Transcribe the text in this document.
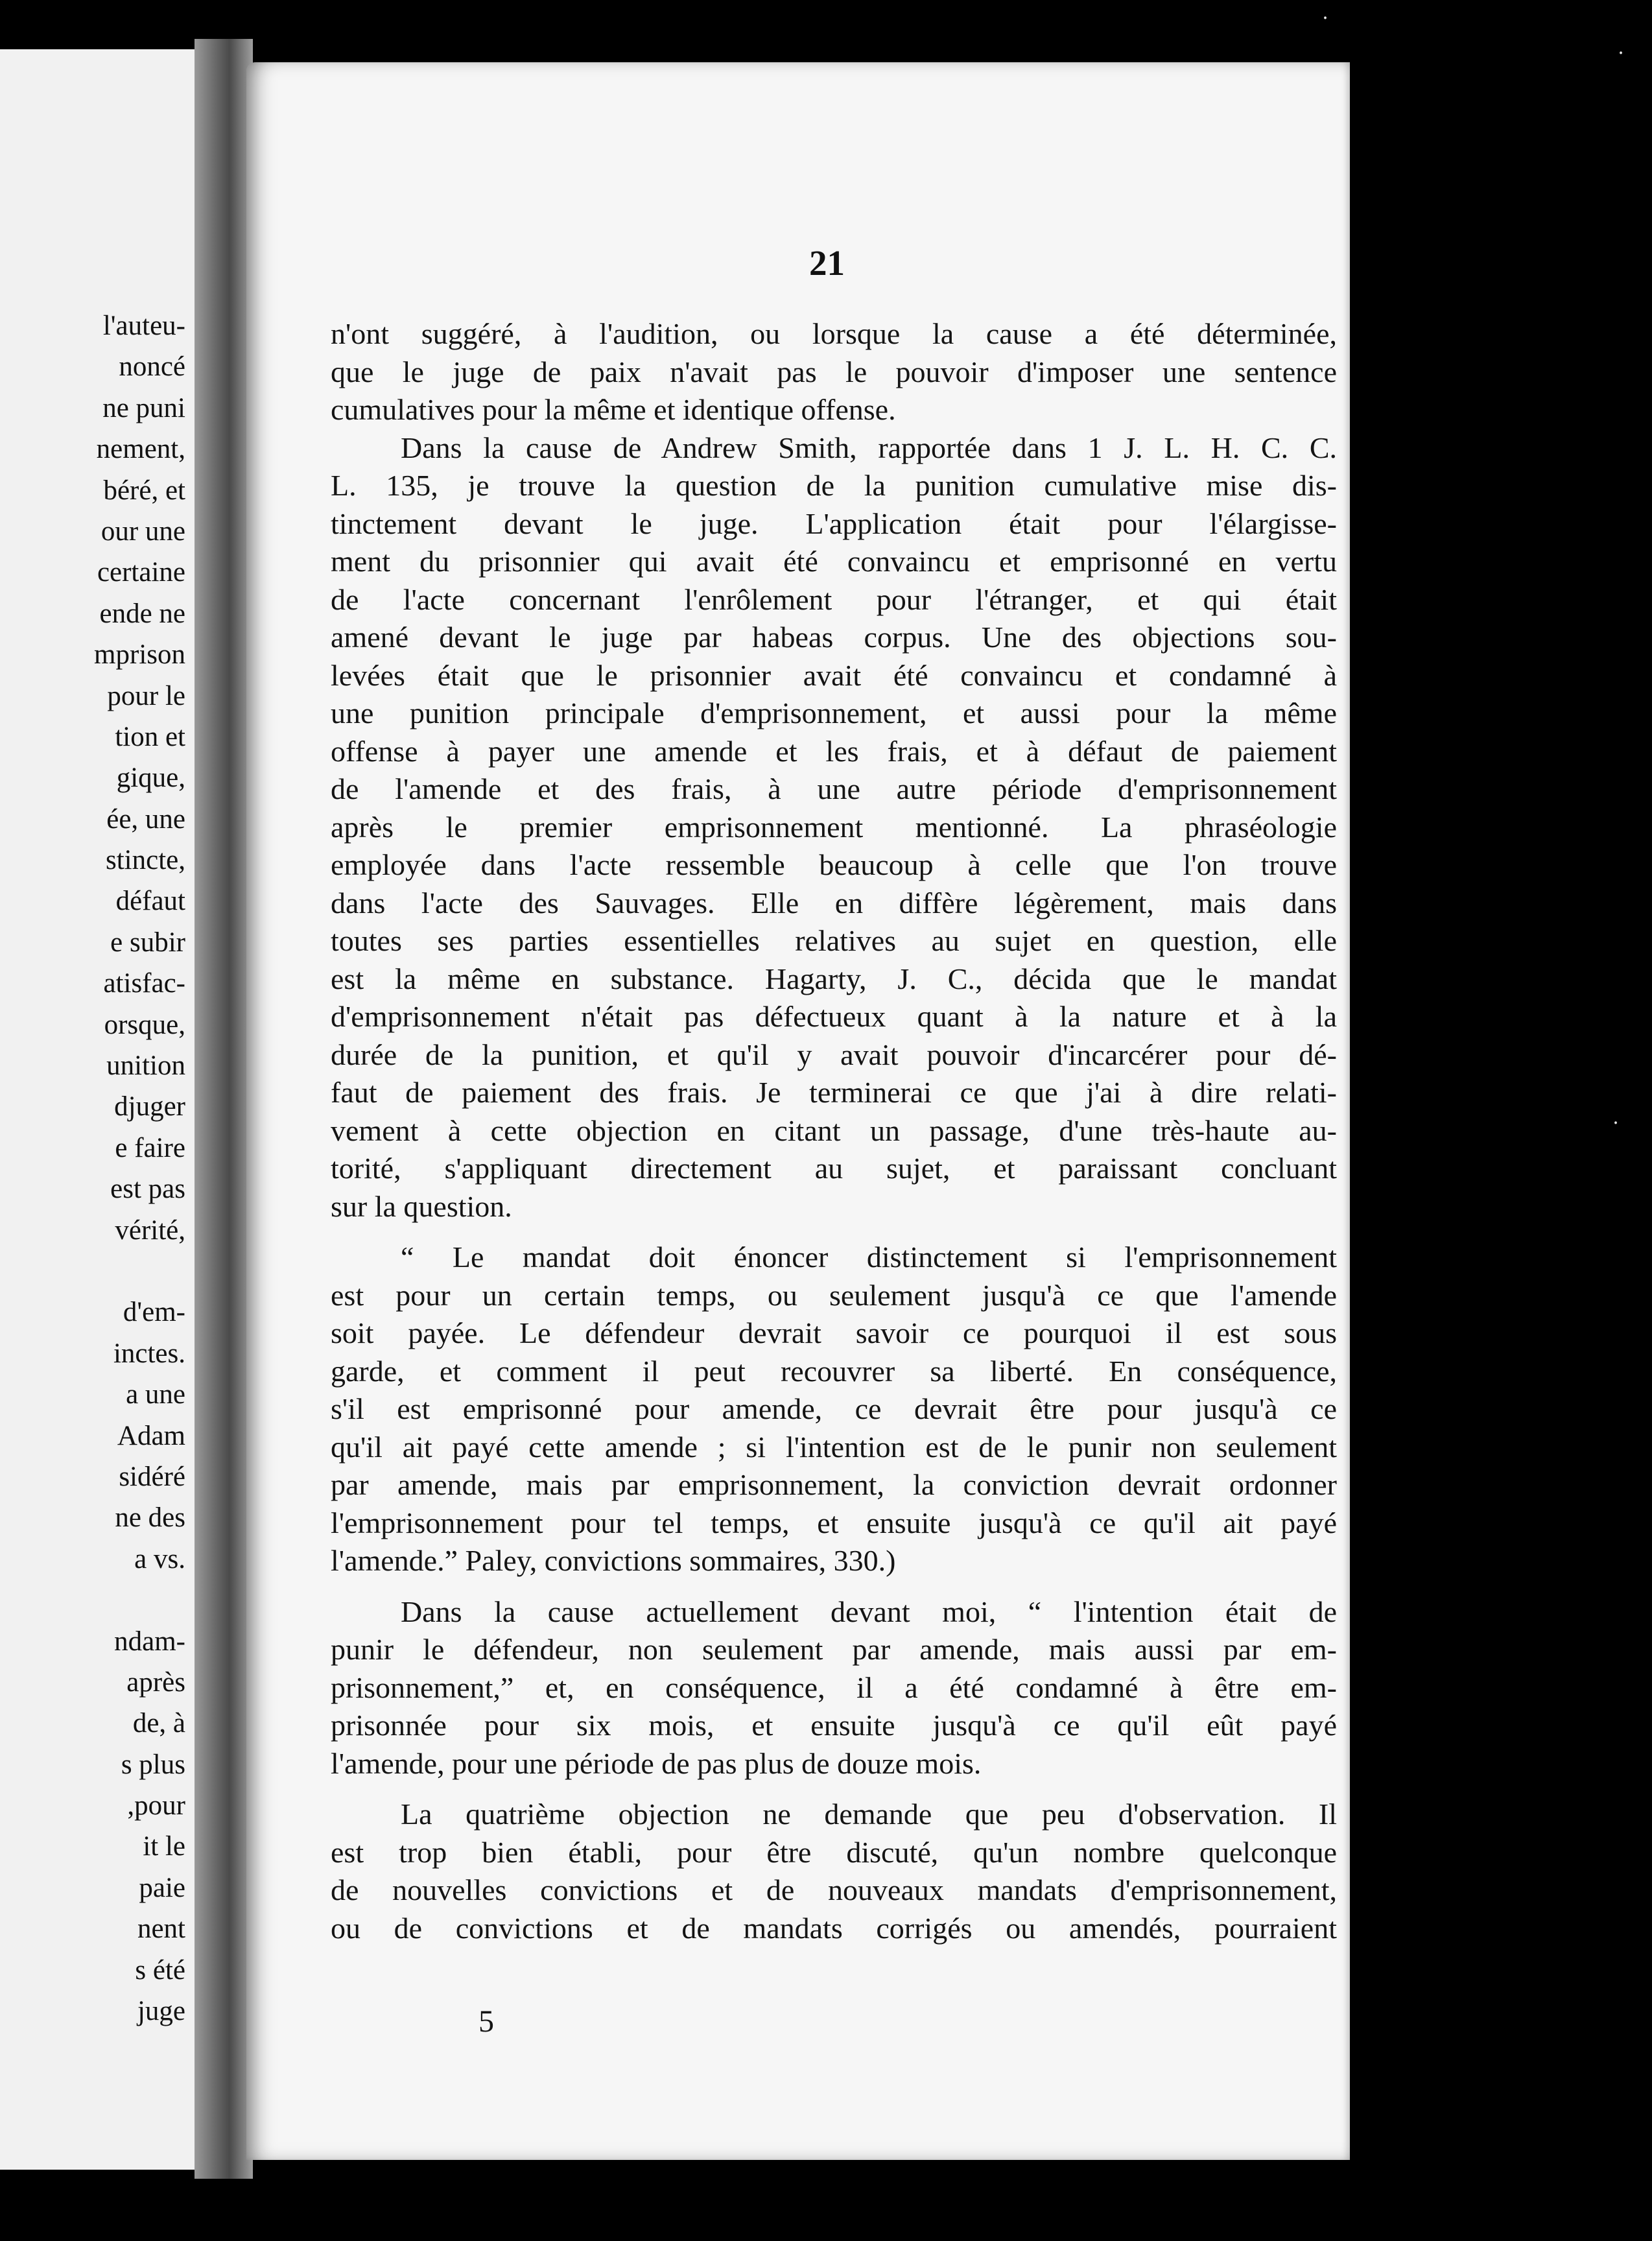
l'auteu-
noncé
ne puni
nement,
béré, et
our une
certaine
ende ne
mprison
pour le
tion et
gique,
ée, une
stincte,
défaut
e subir
atisfac-
orsque,
unition
djuger
e faire
est pas
vérité,
d'em-
inctes.
a une
Adam
sidéré
ne des
a vs.
ndam-
après
de, à
s plus
,pour
it le
paie
nent
s été
juge
21
n'ont suggéré, à l'audition, ou lorsque la cause a été déterminée,
que le juge de paix n'avait pas le pouvoir d'imposer une sentence
cumulatives pour la même et identique offense.
Dans la cause de Andrew Smith, rapportée dans 1 J. L. H. C. C.
L. 135, je trouve la question de la punition cumulative mise dis-
tinctement devant le juge. L'application était pour l'élargisse-
ment du prisonnier qui avait été convaincu et emprisonné en vertu
de l'acte concernant l'enrôlement pour l'étranger, et qui était
amené devant le juge par habeas corpus. Une des objections sou-
levées était que le prisonnier avait été convaincu et condamné à
une punition principale d'emprisonnement, et aussi pour la même
offense à payer une amende et les frais, et à défaut de paiement
de l'amende et des frais, à une autre période d'emprisonnement
après le premier emprisonnement mentionné. La phraséologie
employée dans l'acte ressemble beaucoup à celle que l'on trouve
dans l'acte des Sauvages. Elle en diffère légèrement, mais dans
toutes ses parties essentielles relatives au sujet en question, elle
est la même en substance. Hagarty, J. C., décida que le mandat
d'emprisonnement n'était pas défectueux quant à la nature et à la
durée de la punition, et qu'il y avait pouvoir d'incarcérer pour dé-
faut de paiement des frais. Je terminerai ce que j'ai à dire relati-
vement à cette objection en citant un passage, d'une très-haute au-
torité, s'appliquant directement au sujet, et paraissant concluant
sur la question.
“ Le mandat doit énoncer distinctement si l'emprisonnement
est pour un certain temps, ou seulement jusqu'à ce que l'amende
soit payée. Le défendeur devrait savoir ce pourquoi il est sous
garde, et comment il peut recouvrer sa liberté. En conséquence,
s'il est emprisonné pour amende, ce devrait être pour jusqu'à ce
qu'il ait payé cette amende ; si l'intention est de le punir non seulement
par amende, mais par emprisonnement, la conviction devrait ordonner
l'emprisonnement pour tel temps, et ensuite jusqu'à ce qu'il ait payé
l'amende.” Paley, convictions sommaires, 330.)
Dans la cause actuellement devant moi, “ l'intention était de
punir le défendeur, non seulement par amende, mais aussi par em-
prisonnement,” et, en conséquence, il a été condamné à être em-
prisonnée pour six mois, et ensuite jusqu'à ce qu'il eût payé
l'amende, pour une période de pas plus de douze mois.
La quatrième objection ne demande que peu d'observation. Il
est trop bien établi, pour être discuté, qu'un nombre quelconque
de nouvelles convictions et de nouveaux mandats d'emprisonnement,
ou de convictions et de mandats corrigés ou amendés, pourraient
5
⸱
⸱
⸱
